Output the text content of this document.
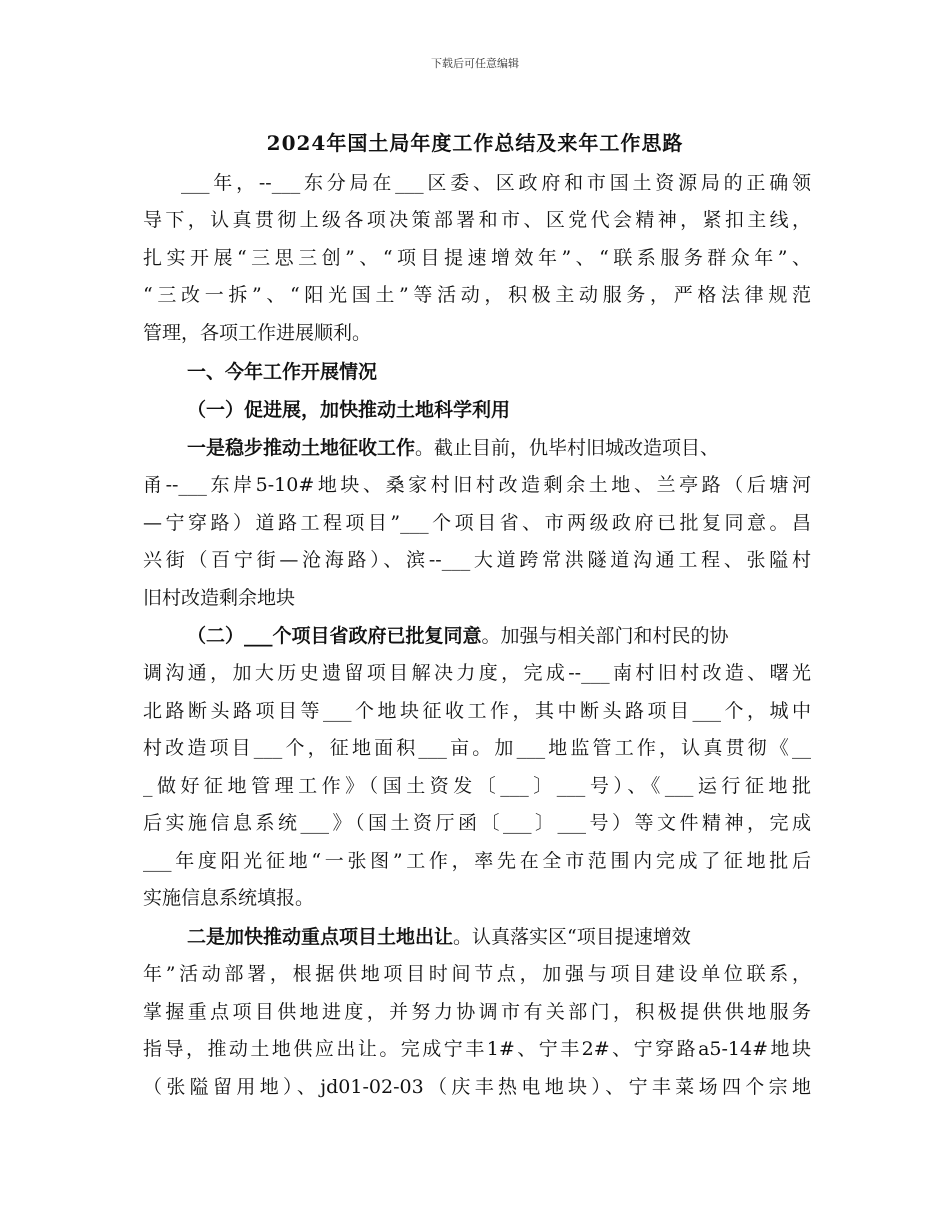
下载后可任意编辑
2024年国土局年度工作总结及来年工作思路
___年，--___东分局在___区委、区政府和市国土资源局的正确领
导下，认真贯彻上级各项决策部署和市、区党代会精神，紧扣主线，
扎实开展“三思三创”、“项目提速增效年”、“联系服务群众年”、
“三改一拆”、“阳光国土”等活动，积极主动服务，严格法律规范
管理，各项工作进展顺利。
一、今年工作开展情况
（一）促进展，加快推动土地科学利用
一是稳步推动土地征收工作。截止目前，仇毕村旧城改造项目、
甬--___东岸5-10#地块、桑家村旧村改造剩余土地、兰亭路（后塘河
—宁穿路）道路工程项目”___个项目省、市两级政府已批复同意。昌
兴街（百宁街—沧海路）、滨--___大道跨常洪隧道沟通工程、张隘村
旧村改造剩余地块
（二）___个项目省政府已批复同意。加强与相关部门和村民的协
调沟通，加大历史遗留项目解决力度，完成--___南村旧村改造、曙光
北路断头路项目等___个地块征收工作，其中断头路项目___个，城中
村改造项目___个，征地面积___亩。加___地监管工作，认真贯彻《__
_做好征地管理工作》（国土资发〔___〕___号）、《___运行征地批
后实施信息系统___》（国土资厅函〔___〕___号）等文件精神，完成
___年度阳光征地“一张图”工作，率先在全市范围内完成了征地批后
实施信息系统填报。
二是加快推动重点项目土地出让。认真落实区“项目提速增效
年”活动部署，根据供地项目时间节点，加强与项目建设单位联系，
掌握重点项目供地进度，并努力协调市有关部门，积极提供供地服务
指导，推动土地供应出让。完成宁丰1#、宁丰2#、宁穿路a5-14#地块
（张隘留用地）、jd01-02-03（庆丰热电地块）、宁丰菜场四个宗地
